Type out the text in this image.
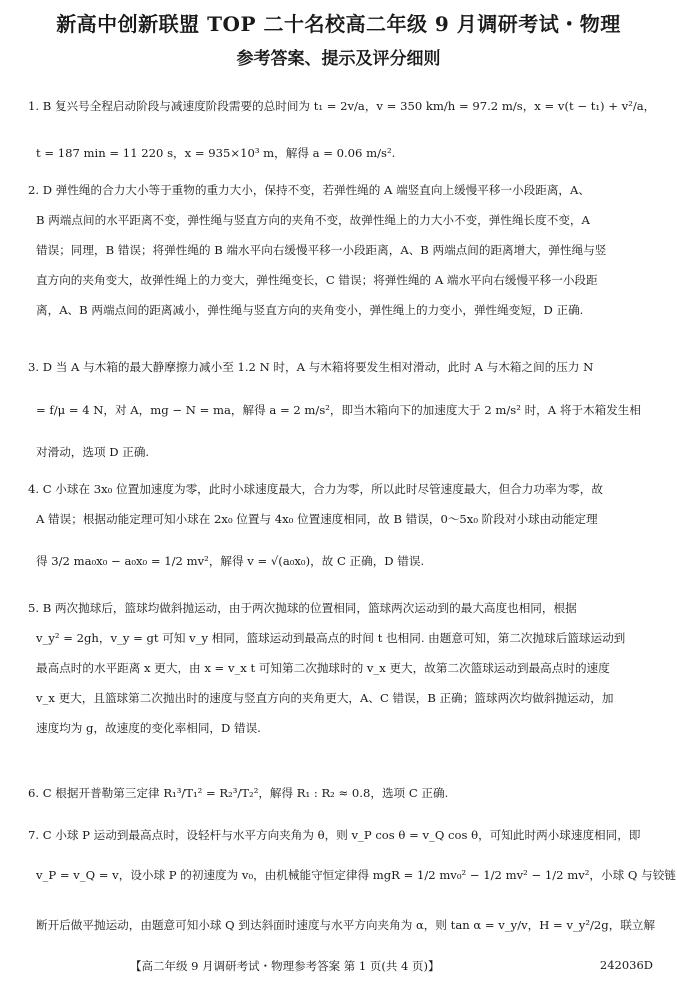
新高中创新联盟 TOP 二十名校高二年级 9 月调研考试・物理
参考答案、提示及评分细则
1. B 复兴号全程启动阶段与减速度阶段需要的总时间为 t₁ = 2v/a，v = 350 km/h = 97.2 m/s，x = v(t − t₁) + v²/a，
t = 187 min = 11 220 s，x = 935×10³ m，解得 a = 0.06 m/s².
2. D 弹性绳的合力大小等于重物的重力大小，保持不变，若弹性绳的 A 端竖直向上缓慢平移一小段距离，A、
B 两端点间的水平距离不变，弹性绳与竖直方向的夹角不变，故弹性绳上的力大小不变，弹性绳长度不变，A
错误；同理，B 错误；将弹性绳的 B 端水平向右缓慢平移一小段距离，A、B 两端点间的距离增大，弹性绳与竖
直方向的夹角变大，故弹性绳上的力变大，弹性绳变长，C 错误；将弹性绳的 A 端水平向右缓慢平移一小段距
离，A、B 两端点间的距离减小，弹性绳与竖直方向的夹角变小，弹性绳上的力变小，弹性绳变短，D 正确.
3. D 当 A 与木箱的最大静摩擦力减小至 1.2 N 时，A 与木箱将要发生相对滑动，此时 A 与木箱之间的压力 N
= f/μ = 4 N，对 A，mg − N = ma，解得 a = 2 m/s²，即当木箱向下的加速度大于 2 m/s² 时，A 将于木箱发生相
对滑动，选项 D 正确.
4. C 小球在 3x₀ 位置加速度为零，此时小球速度最大，合力为零，所以此时尽管速度最大，但合力功率为零，故
A 错误；根据动能定理可知小球在 2x₀ 位置与 4x₀ 位置速度相同，故 B 错误，0～5x₀ 阶段对小球由动能定理
得 3/2 ma₀x₀ − a₀x₀ = 1/2 mv²，解得 v = √(a₀x₀)，故 C 正确，D 错误.
5. B 两次抛球后，篮球均做斜抛运动，由于两次抛球的位置相同，篮球两次运动到的最大高度也相同，根据
v_y² = 2gh，v_y = gt 可知 v_y 相同，篮球运动到最高点的时间 t 也相同. 由题意可知，第二次抛球后篮球运动到
最高点时的水平距离 x 更大，由 x = v_x t 可知第二次抛球时的 v_x 更大，故第二次篮球运动到最高点时的速度
v_x 更大，且篮球第二次抛出时的速度与竖直方向的夹角更大，A、C 错误，B 正确；篮球两次均做斜抛运动，加
速度均为 g，故速度的变化率相同，D 错误.
6. C 根据开普勒第三定律 R₁³/T₁² = R₂³/T₂²，解得 R₁ : R₂ ≈ 0.8，选项 C 正确.
7. C 小球 P 运动到最高点时，设轻杆与水平方向夹角为 θ，则 v_P cos θ = v_Q cos θ，可知此时两小球速度相同，即
v_P = v_Q = v，设小球 P 的初速度为 v₀，由机械能守恒定律得 mgR = 1/2 mv₀² − 1/2 mv² − 1/2 mv²，小球 Q 与铰链
断开后做平抛运动，由题意可知小球 Q 到达斜面时速度与水平方向夹角为 α，则 tan α = v_y/v，H = v_y²/2g，联立解
【高二年级 9 月调研考试・物理参考答案 第 1 页(共 4 页)】	242036D
